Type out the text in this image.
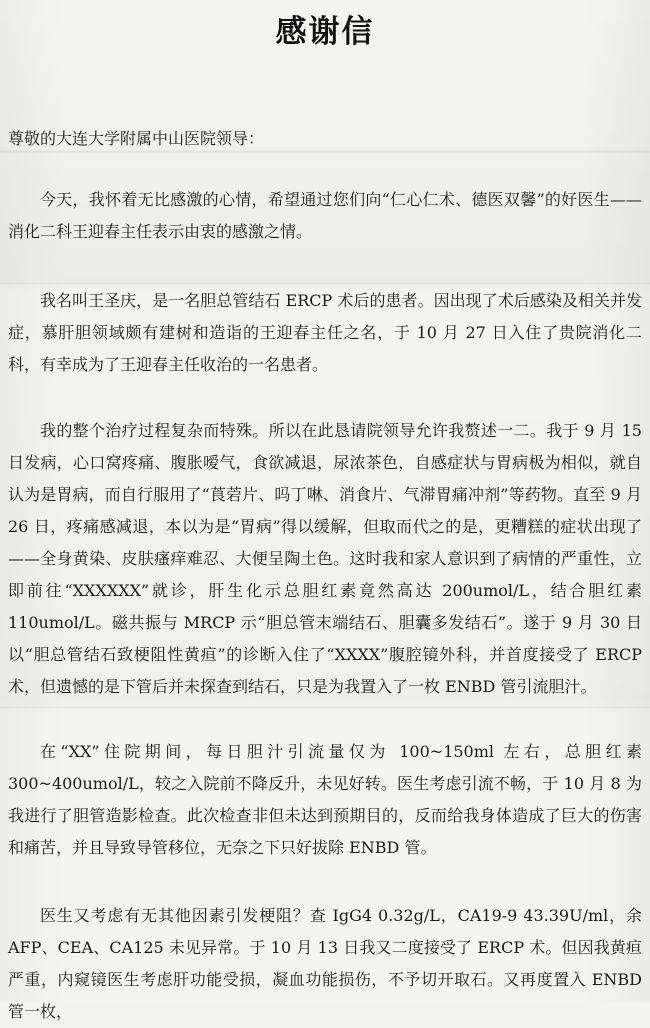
感谢信
尊敬的大连大学附属中山医院领导：
今天，我怀着无比感激的心情，希望通过您们向“仁心仁术、德医双馨”的好医生——消化二科王迎春主任表示由衷的感激之情。
我名叫王圣庆，是一名胆总管结石 ERCP 术后的患者。因出现了术后感染及相关并发症，慕肝胆领域颇有建树和造诣的王迎春主任之名，于 10 月 27 日入住了贵院消化二科，有幸成为了王迎春主任收治的一名患者。
我的整个治疗过程复杂而特殊。所以在此恳请院领导允许我赘述一二。我于 9 月 15 日发病，心口窝疼痛、腹胀嗳气，食欲减退，尿浓茶色，自感症状与胃病极为相似，就自认为是胃病，而自行服用了“莨菪片、吗丁啉、消食片、气滞胃痛冲剂”等药物。直至 9 月 26 日，疼痛感减退，本以为是“胃病”得以缓解，但取而代之的是，更糟糕的症状出现了——全身黄染、皮肤瘙痒难忍、大便呈陶土色。这时我和家人意识到了病情的严重性，立即前往“XXXXXX”就诊，肝生化示总胆红素竟然高达 200umol/L，结合胆红素 110umol/L。磁共振与 MRCP 示“胆总管末端结石、胆囊多发结石”。遂于 9 月 30 日以“胆总管结石致梗阻性黄疸”的诊断入住了“XXXX”腹腔镜外科，并首度接受了 ERCP 术，但遗憾的是下管后并未探查到结石，只是为我置入了一枚 ENBD 管引流胆汁。
在“XX”住院期间，每日胆汁引流量仅为 100~150ml 左右，总胆红素 300~400umol/L，较之入院前不降反升，未见好转。医生考虑引流不畅，于 10 月 8 为我进行了胆管造影检查。此次检查非但未达到预期目的，反而给我身体造成了巨大的伤害和痛苦，并且导致导管移位，无奈之下只好拔除 ENBD 管。
医生又考虑有无其他因素引发梗阻？查 IgG4 0.32g/L，CA19-9 43.39U/ml，余 AFP、CEA、CA125 未见异常。于 10 月 13 日我又二度接受了 ERCP 术。但因我黄疸严重，内窥镜医生考虑肝功能受损，凝血功能损伤，不予切开取石。又再度置入 ENBD 管一枚，
